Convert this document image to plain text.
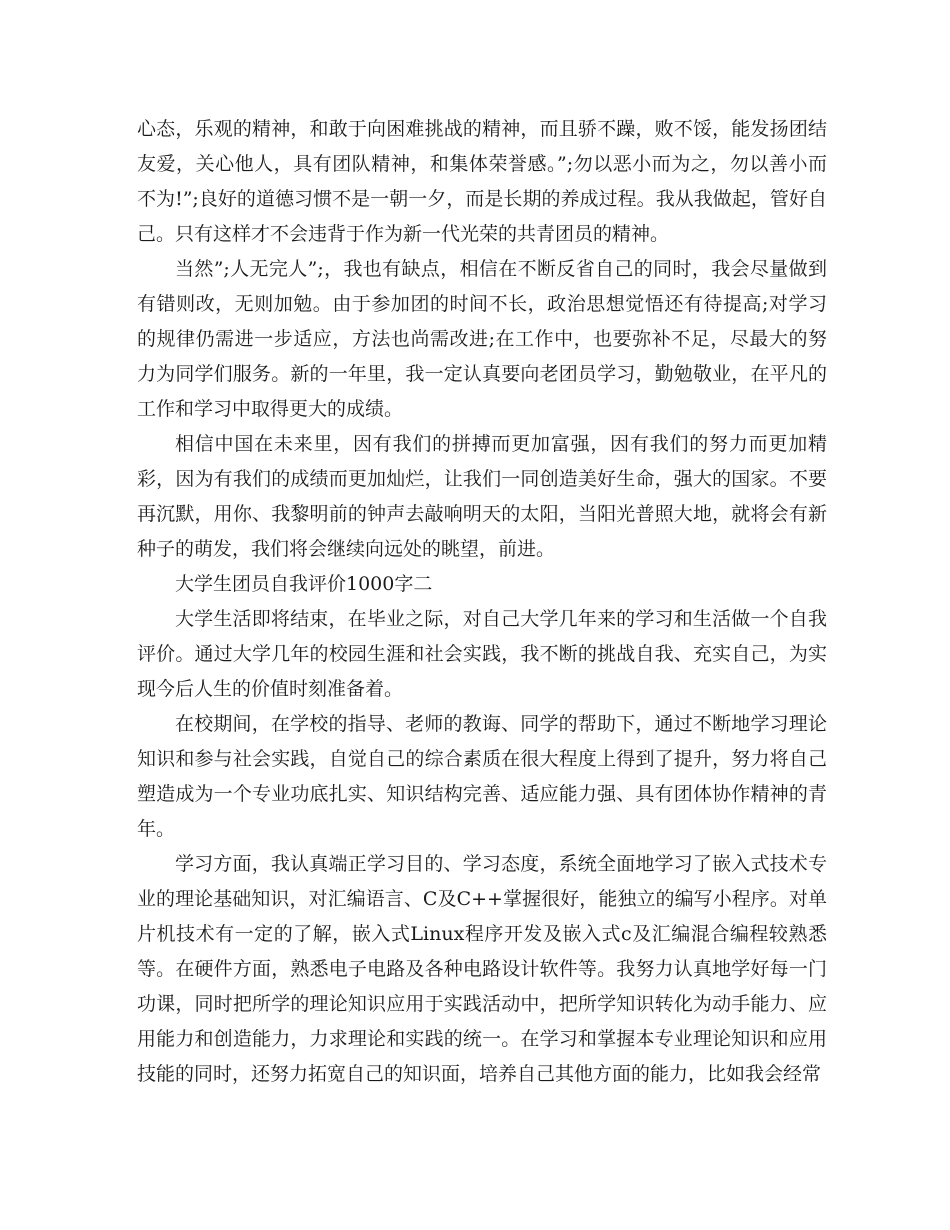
心态，乐观的精神，和敢于向困难挑战的精神，而且骄不躁，败不馁，能发扬团结友爱，关心他人，具有团队精神，和集体荣誉感。”;勿以恶小而为之，勿以善小而不为!”;良好的道德习惯不是一朝一夕，而是长期的养成过程。我从我做起，管好自己。只有这样才不会违背于作为新一代光荣的共青团员的精神。

当然”;人无完人”;，我也有缺点，相信在不断反省自己的同时，我会尽量做到有错则改，无则加勉。由于参加团的时间不长，政治思想觉悟还有待提高;对学习的规律仍需进一步适应，方法也尚需改进;在工作中，也要弥补不足，尽最大的努力为同学们服务。新的一年里，我一定认真要向老团员学习，勤勉敬业，在平凡的工作和学习中取得更大的成绩。

相信中国在未来里，因有我们的拼搏而更加富强，因有我们的努力而更加精彩，因为有我们的成绩而更加灿烂，让我们一同创造美好生命，强大的国家。不要再沉默，用你、我黎明前的钟声去敲响明天的太阳，当阳光普照大地，就将会有新种子的萌发，我们将会继续向远处的眺望，前进。

大学生团员自我评价1000字二

大学生活即将结束，在毕业之际，对自己大学几年来的学习和生活做一个自我评价。通过大学几年的校园生涯和社会实践，我不断的挑战自我、充实自己，为实现今后人生的价值时刻准备着。

在校期间，在学校的指导、老师的教诲、同学的帮助下，通过不断地学习理论知识和参与社会实践，自觉自己的综合素质在很大程度上得到了提升，努力将自己塑造成为一个专业功底扎实、知识结构完善、适应能力强、具有团体协作精神的青年。

学习方面，我认真端正学习目的、学习态度，系统全面地学习了嵌入式技术专业的理论基础知识，对汇编语言、C及C++掌握很好，能独立的编写小程序。对单片机技术有一定的了解，嵌入式Linux程序开发及嵌入式c及汇编混合编程较熟悉等。在硬件方面，熟悉电子电路及各种电路设计软件等。我努力认真地学好每一门功课，同时把所学的理论知识应用于实践活动中，把所学知识转化为动手能力、应用能力和创造能力，力求理论和实践的统一。在学习和掌握本专业理论知识和应用技能的同时，还努力拓宽自己的知识面，培养自己其他方面的能力，比如我会经常
